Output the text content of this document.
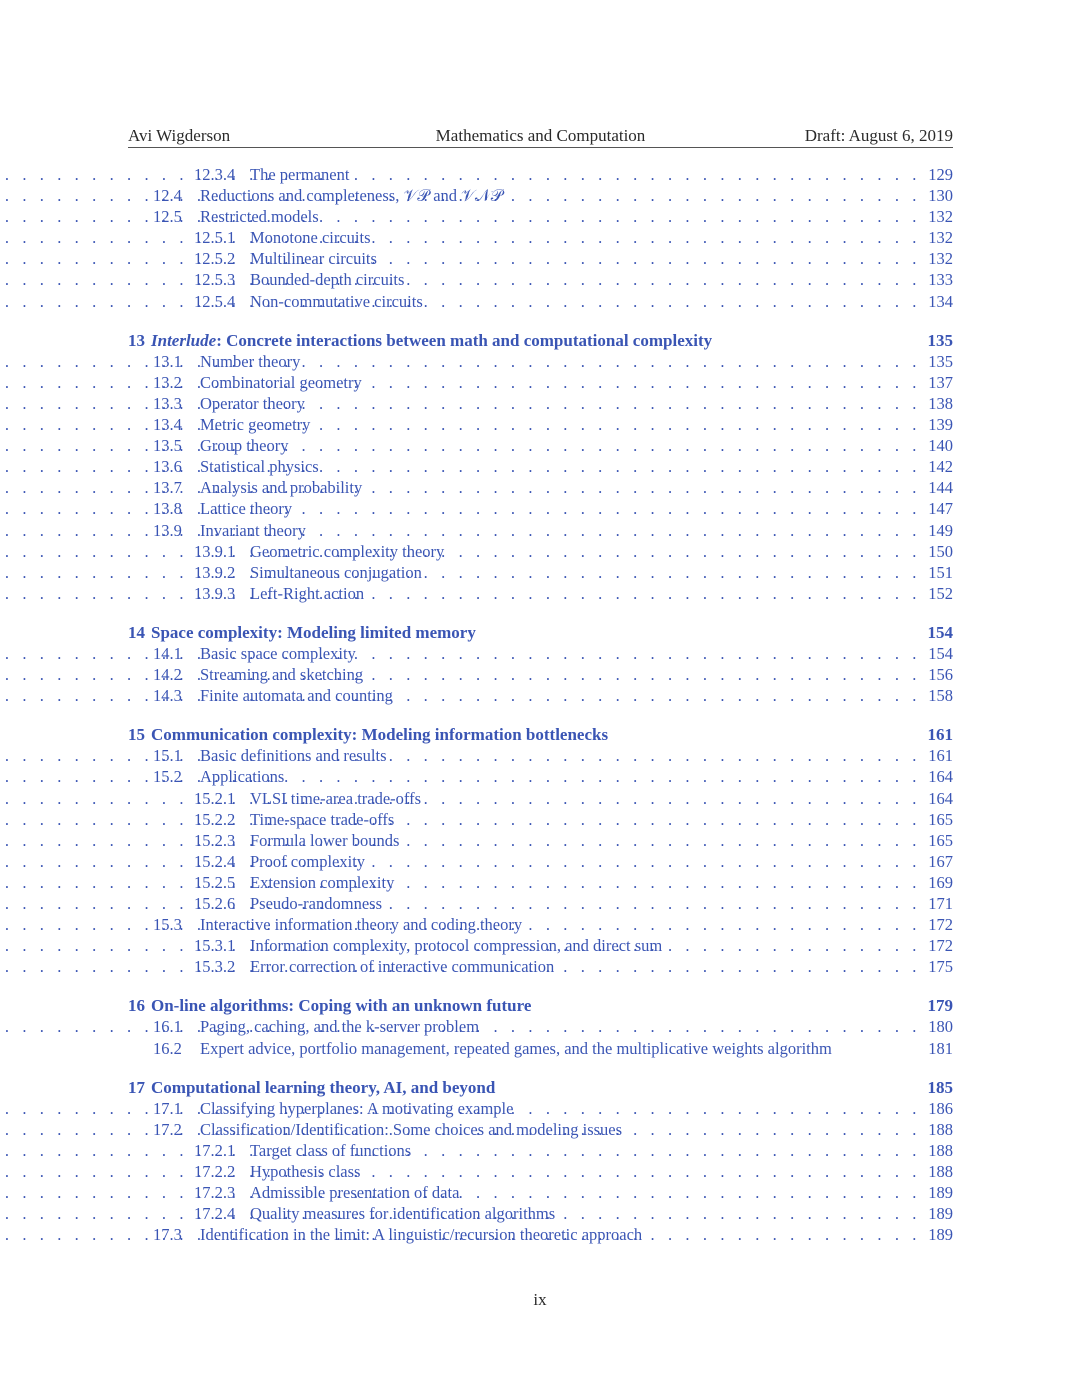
Avi Wigderson	Mathematics and Computation	Draft: August 6, 2019
12.3.4 The permanent . . .	129
12.4	Reductions and completeness, 𝒱𝒫 and 𝒱𝒩𝒫 . . .	130
12.5	Restricted models . . .	132
12.5.1 Monotone circuits . . .	132
12.5.2 Multilinear circuits . . .	132
12.5.3 Bounded-depth circuits . . .	133
12.5.4 Non-commutative circuits . . .	134
13 Interlude: Concrete interactions between math and computational complexity	135
13.1	Number theory . . .	135
13.2	Combinatorial geometry . . .	137
13.3	Operator theory . . .	138
13.4	Metric geometry . . .	139
13.5	Group theory . . .	140
13.6	Statistical physics . . .	142
13.7	Analysis and probability . . .	144
13.8	Lattice theory . . .	147
13.9	Invariant theory . . .	149
13.9.1 Geometric complexity theory . . .	150
13.9.2 Simultaneous conjugation . . .	151
13.9.3 Left-Right action . . .	152
14 Space complexity: Modeling limited memory	154
14.1	Basic space complexity . . .	154
14.2	Streaming and sketching . . .	156
14.3	Finite automata and counting . . .	158
15 Communication complexity: Modeling information bottlenecks	161
15.1	Basic definitions and results . . .	161
15.2	Applications . . .	164
15.2.1 VLSI time-area trade-offs . . .	164
15.2.2 Time-space trade-offs . . .	165
15.2.3 Formula lower bounds . . .	165
15.2.4 Proof complexity . . .	167
15.2.5 Extension complexity . . .	169
15.2.6 Pseudo-randomness . . .	171
15.3	Interactive information theory and coding theory . . .	172
15.3.1 Information complexity, protocol compression, and direct sum . . .	172
15.3.2 Error correction of interactive communication . . .	175
16 On-line algorithms: Coping with an unknown future	179
16.1	Paging, caching, and the k-server problem . . .	180
16.2	Expert advice, portfolio management, repeated games, and the multiplicative weights algorithm	181
17 Computational learning theory, AI, and beyond	185
17.1	Classifying hyperplanes: A motivating example . . .	186
17.2	Classification/Identification: Some choices and modeling issues . . .	188
17.2.1 Target class of functions . . .	188
17.2.2 Hypothesis class . . .	188
17.2.3 Admissible presentation of data . . .	189
17.2.4 Quality measures for identification algorithms . . .	189
17.3	Identification in the limit: A linguistic/recursion theoretic approach . . .	189
ix
